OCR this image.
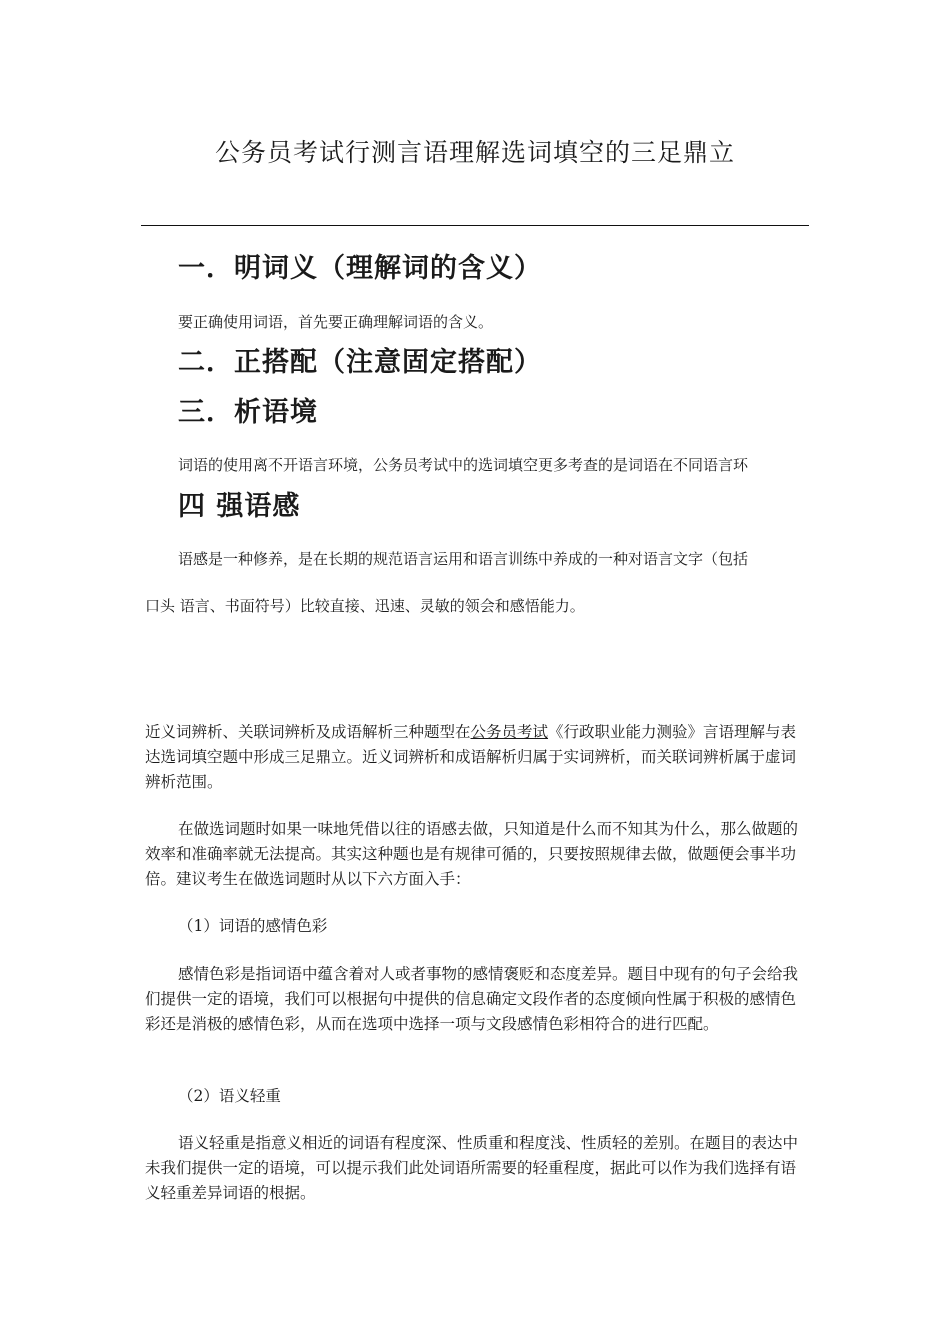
公务员考试行测言语理解选词填空的三足鼎立
一．明词义（理解词的含义）
要正确使用词语，首先要正确理解词语的含义。
二．正搭配（注意固定搭配）
三．析语境
词语的使用离不开语言环境，公务员考试中的选词填空更多考查的是词语在不同语言环
四 强语感
语感是一种修养，是在长期的规范语言运用和语言训练中养成的一种对语言文字（包括
口头 语言、书面符号）比较直接、迅速、灵敏的领会和感悟能力。
近义词辨析、关联词辨析及成语解析三种题型在公务员考试《行政职业能力测验》言语理解与表达选词填空题中形成三足鼎立。近义词辨析和成语解析归属于实词辨析，而关联词辨析属于虚词辨析范围。
在做选词题时如果一味地凭借以往的语感去做，只知道是什么而不知其为什么，那么做题的效率和准确率就无法提高。其实这种题也是有规律可循的，只要按照规律去做，做题便会事半功倍。建议考生在做选词题时从以下六方面入手：
（1）词语的感情色彩
感情色彩是指词语中蕴含着对人或者事物的感情褒贬和态度差异。题目中现有的句子会给我们提供一定的语境，我们可以根据句中提供的信息确定文段作者的态度倾向性属于积极的感情色彩还是消极的感情色彩，从而在选项中选择一项与文段感情色彩相符合的进行匹配。
（2）语义轻重
语义轻重是指意义相近的词语有程度深、性质重和程度浅、性质轻的差别。在题目的表达中未我们提供一定的语境，可以提示我们此处词语所需要的轻重程度，据此可以作为我们选择有语义轻重差异词语的根据。
